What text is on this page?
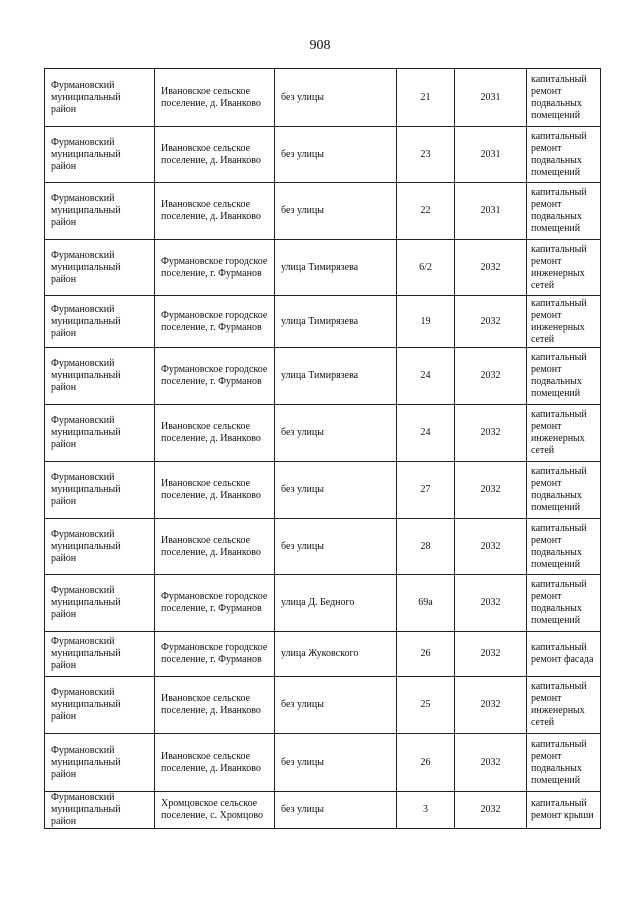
908
Фурмановский муниципальный район	Ивановское сельское поселение, д. Иванково	без улицы	21	2031	капитальный ремонт подвальных помещений
Фурмановский муниципальный район	Ивановское сельское поселение, д. Иванково	без улицы	23	2031	капитальный ремонт подвальных помещений
Фурмановский муниципальный район	Ивановское сельское поселение, д. Иванково	без улицы	22	2031	капитальный ремонт подвальных помещений
Фурмановский муниципальный район	Фурмановское городское поселение, г. Фурманов	улица Тимирязева	6/2	2032	капитальный ремонт инженерных сетей
Фурмановский муниципальный район	Фурмановское городское поселение, г. Фурманов	улица Тимирязева	19	2032	капитальный ремонт инженерных сетей
Фурмановский муниципальный район	Фурмановское городское поселение, г. Фурманов	улица Тимирязева	24	2032	капитальный ремонт подвальных помещений
Фурмановский муниципальный район	Ивановское сельское поселение, д. Иванково	без улицы	24	2032	капитальный ремонт инженерных сетей
Фурмановский муниципальный район	Ивановское сельское поселение, д. Иванково	без улицы	27	2032	капитальный ремонт подвальных помещений
Фурмановский муниципальный район	Ивановское сельское поселение, д. Иванково	без улицы	28	2032	капитальный ремонт подвальных помещений
Фурмановский муниципальный район	Фурмановское городское поселение, г. Фурманов	улица Д. Бедного	69а	2032	капитальный ремонт подвальных помещений
Фурмановский муниципальный район	Фурмановское городское поселение, г. Фурманов	улица Жуковского	26	2032	капитальный ремонт фасада
Фурмановский муниципальный район	Ивановское сельское поселение, д. Иванково	без улицы	25	2032	капитальный ремонт инженерных сетей
Фурмановский муниципальный район	Ивановское сельское поселение, д. Иванково	без улицы	26	2032	капитальный ремонт подвальных помещений
Фурмановский муниципальный район	Хромцовское сельское поселение, с. Хромцово	без улицы	3	2032	капитальный ремонт крыши
